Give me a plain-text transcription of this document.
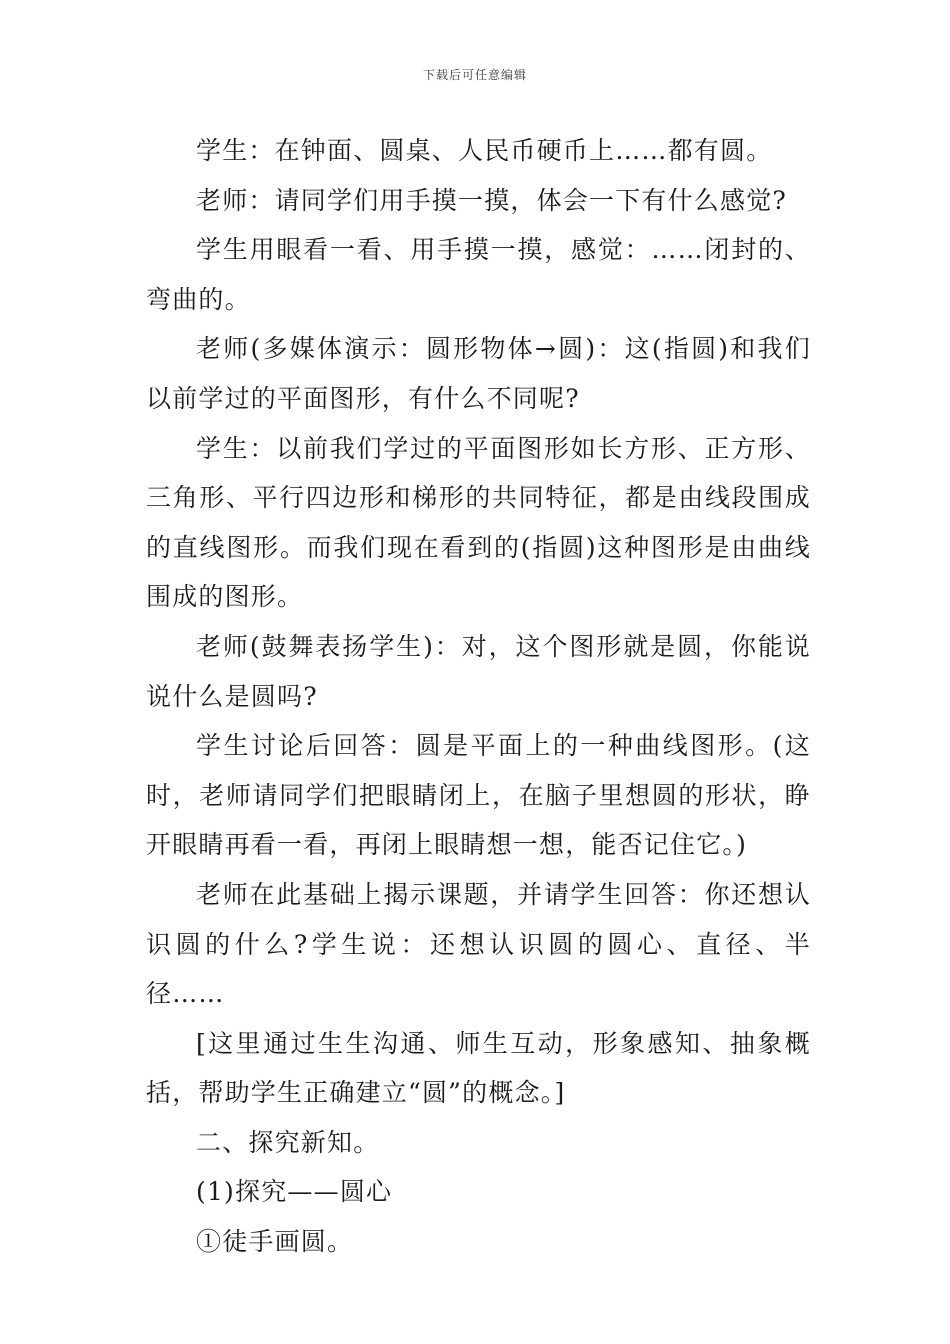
下载后可任意编辑

学生：在钟面、圆桌、人民币硬币上……都有圆。

老师：请同学们用手摸一摸，体会一下有什么感觉?

学生用眼看一看、用手摸一摸，感觉：……闭封的、弯曲的。

老师(多媒体演示：圆形物体→圆)：这(指圆)和我们以前学过的平面图形，有什么不同呢?

学生：以前我们学过的平面图形如长方形、正方形、三角形、平行四边形和梯形的共同特征，都是由线段围成的直线图形。而我们现在看到的(指圆)这种图形是由曲线围成的图形。

老师(鼓舞表扬学生)：对，这个图形就是圆，你能说说什么是圆吗?

学生讨论后回答：圆是平面上的一种曲线图形。(这时，老师请同学们把眼睛闭上，在脑子里想圆的形状，睁开眼睛再看一看，再闭上眼睛想一想，能否记住它。)

老师在此基础上揭示课题，并请学生回答：你还想认识圆的什么?学生说：还想认识圆的圆心、直径、半径……

[这里通过生生沟通、师生互动，形象感知、抽象概括，帮助学生正确建立“圆”的概念。]

二、探究新知。

(1)探究——圆心

①徒手画圆。
